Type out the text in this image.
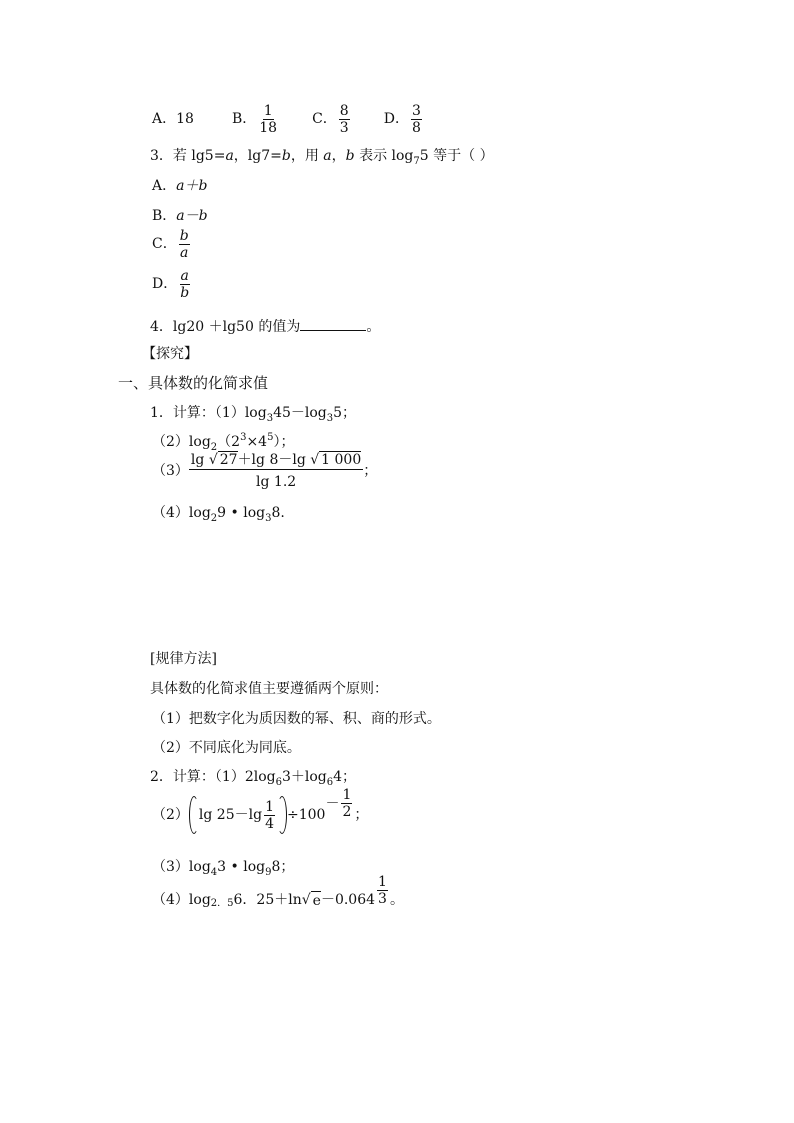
A． 18	B． $\frac{1}{18}$ C． $\frac{8}{3}$ D． $\frac{3}{8}$
3．若 lg5=a，lg7=b，用 a，b 表示 $\log_75$ 等于（ ）
A．a＋b
B．a－b
C． $\frac{b}{a}$
D． $\frac{a}{b}$
4．lg20 ＋lg50 的值为	。
【探究】
一、具体数的化简求值
1．计算：$(1)\log_345-\log_35$；
$(2)\log_2(2^3\times 4^5)$；
$(3) \frac{\lg √ 27+\lg 8-\lg √ 1 000}{\lg 1.2}$ ；
$(4)\log_29$ • $\log_38$.
[规律方法]
具体数的化简求值主要遵循两个原则：
（1）把数字化为质因数的幂、积、商的形式。
（2）不同底化为同底。
2．计算：$(1)2\log_63+\log_64$；
（2） $\lg 25-\lg \frac{1}{4} \div 100$
－ $\frac{1}{2}$ ；
$(3)\log_43$ • $\log_98$；
（4）log 2．5 6．25＋ln √ $e -0.064 \frac{1}{3}$ 。
